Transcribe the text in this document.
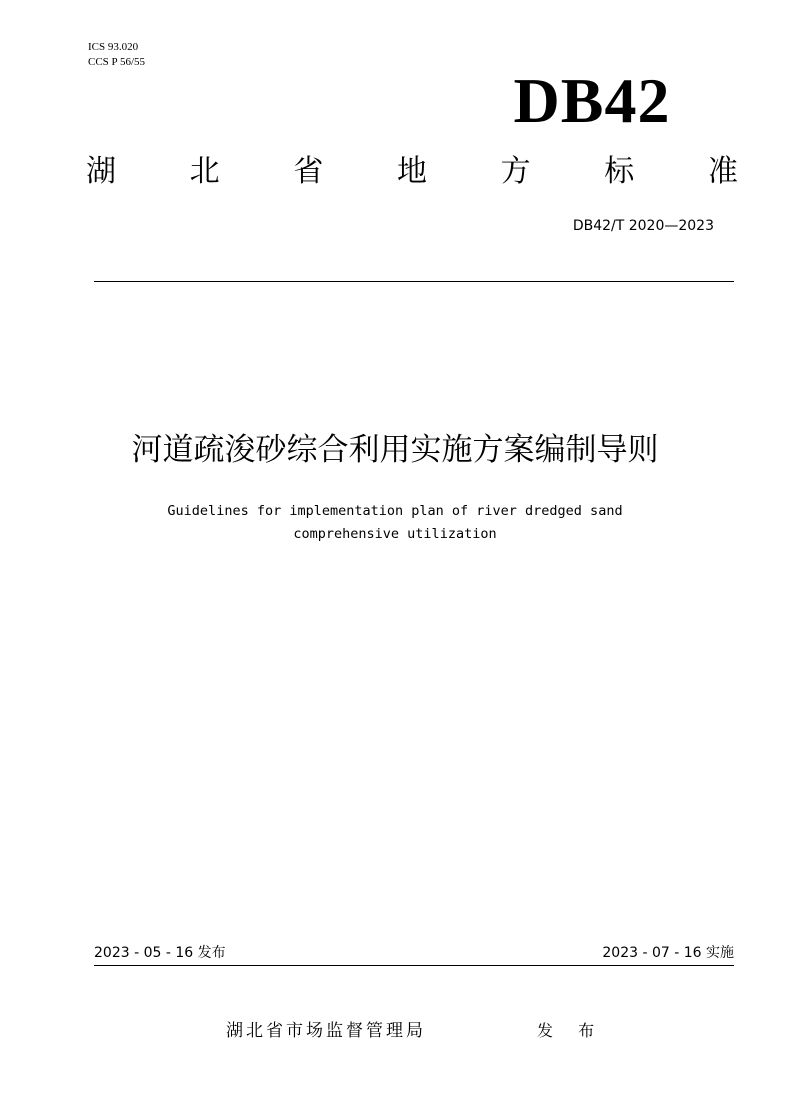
ICS 93.020
CCS P 56/55
DB42
湖 北 省 地 方 标 准
DB42/T 2020—2023
河道疏浚砂综合利用实施方案编制导则
Guidelines for implementation plan of river dredged sand
comprehensive utilization
2023 - 05 - 16 发布	2023 - 07 - 16 实施
湖北省市场监督管理局	发 布
